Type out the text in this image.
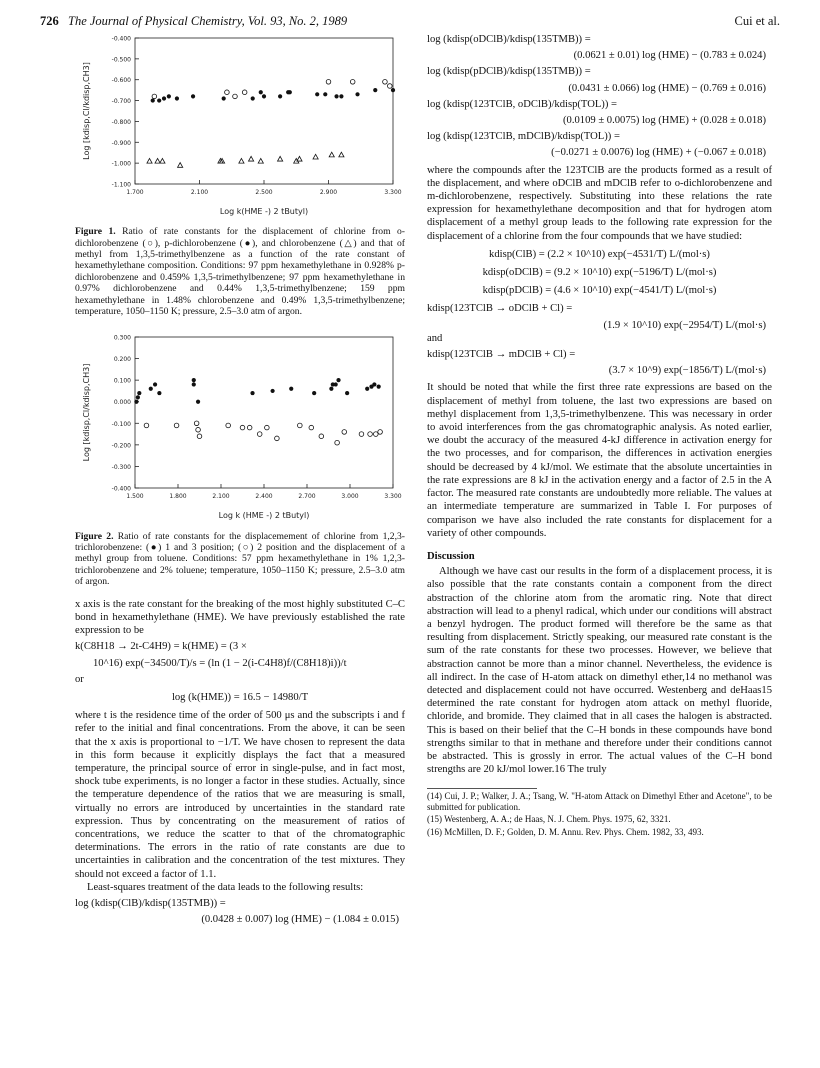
726 The Journal of Physical Chemistry, Vol. 93, No. 2, 1989	Cui et al.
-0.400
-0.500
-0.600
-0.700
-0.800
-0.900
-1.000
-1.100
1.700	2.100	2.500	2.900	3.300
Log k(HME -) 2 tButyl)
Log [kdisp,Cl/kdisp,CH3]
Figure 1. Ratio of rate constants for the displacement of chlorine from o-dichlorobenzene (○), p-dichlorobenzene (●), and chlorobenzene (△) and that of methyl from 1,3,5-trimethylbenzene as a function of the rate constant of hexamethylethane composition. Conditions: 97 ppm hexamethylethane in 0.928% p-dichlorobenzene and 0.459% 1,3,5-trimethylbenzene; 97 ppm hexamethylethane in 0.97% dichlorobenzene and 0.44% 1,3,5-trimethylbenzene; 159 ppm hexamethylethane in 1.48% chlorobenzene and 0.49% 1,3,5-trimethylbenzene; temperature, 1050–1150 K; pressure, 2.5–3.0 atm of argon.
0.300
0.200
0.100
0.000
-0.100
-0.200
-0.300
-0.400
1.500	1.800	2.100	2.400	2.700	3.000	3.300
Log k (HME -) 2 tButyl)
Log [kdisp,Cl/kdisp,CH3]
Figure 2. Ratio of rate constants for the displacemement of chlorine from 1,2,3-trichlorobenzene: (●) 1 and 3 position; (○) 2 position and the displacement of a methyl group from toluene. Conditions: 57 ppm hexamethylethane in 1% 1,2,3-trichlorobenzene and 2% toluene; temperature, 1050–1150 K; pressure, 2.5–3.0 atm of argon.

x axis is the rate constant for the breaking of the most highly substituted C–C bond in hexamethylethane (HME). We have previously established the rate expression to be

k(C8H18 → 2t-C4H9) = k(HME) = (3 ×

10^16) exp(−34500/T)/s = (ln (1 − 2(i-C4H8)f/(C8H18)i))/t

or

log (k(HME)) = 16.5 − 14980/T

where t is the residence time of the order of 500 μs and the subscripts i and f refer to the initial and final concentrations. From the above, it can be seen that the x axis is proportional to −1/T. We have chosen to represent the data in this form because it explicitly displays the fact that a measured temperature, the principal source of error in single-pulse, and in fact most, shock tube experiments, is no longer a factor in these studies. Actually, since the temperature dependence of the ratios that we are measuring is small, virtually no errors are introduced by uncertainties in the standard rate expression. Thus by concentrating on the measurement of ratios of concentrations, we reduce the scatter to that of the chromatographic determinations. The errors in the ratio of rate constants are due to uncertainties in calibration and the concentration of the test mixtures. They should not exceed a factor of 1.1.

Least-squares treatment of the data leads to the following results:

log (kdisp(ClB)/kdisp(135TMB)) =

(0.0428 ± 0.007) log (HME) − (1.084 ± 0.015)

log (kdisp(oDClB)/kdisp(135TMB)) =

(0.0621 ± 0.01) log (HME) − (0.783 ± 0.024)

log (kdisp(pDClB)/kdisp(135TMB)) =

(0.0431 ± 0.066) log (HME) − (0.769 ± 0.016)

log (kdisp(123TClB, oDClB)/kdisp(TOL)) =

(0.0109 ± 0.0075) log (HME) + (0.028 ± 0.018)

log (kdisp(123TClB, mDClB)/kdisp(TOL)) =

(−0.0271 ± 0.0076) log (HME) + (−0.067 ± 0.018)

where the compounds after the 123TClB are the products formed as a result of the displacement, and where oDClB and mDClB refer to o-dichlorobenzene and m-dichlorobenzene, respectively. Substituting into these relations the rate expression for hexamethylethane decomposition and that for hydrogen atom displacement of a methyl group leads to the following rate expression for the displacement of a chlorine from the four compounds that we have studied:

kdisp(ClB) = (2.2 × 10^10) exp(−4531/T) L/(mol·s)

kdisp(oDClB) = (9.2 × 10^10) exp(−5196/T) L/(mol·s)

kdisp(pDClB) = (4.6 × 10^10) exp(−4541/T) L/(mol·s)

kdisp(123TClB → oDClB + Cl) =

(1.9 × 10^10) exp(−2954/T) L/(mol·s)

and

kdisp(123TClB → mDClB + Cl) =

(3.7 × 10^9) exp(−1856/T) L/(mol·s)

It should be noted that while the first three rate expressions are based on the displacement of methyl from toluene, the last two expressions are based on methyl displacement from 1,3,5-trimethylbenzene. This was necessary in order to avoid interferences from the gas chromatographic analysis. As noted earlier, we doubt the accuracy of the measured 4-kJ difference in activation energy for the two processes, and for comparison, the differences in activation energies should be decreased by 4 kJ/mol. We estimate that the absolute uncertainties in the rate expressions are 8 kJ in the activation energy and a factor of 2.5 in the A factor. The measured rate constants are undoubtedly more reliable. The values at an intermediate temperature are summarized in Table I. For purposes of comparison we have also included the rate constants for displacement for a variety of other compounds.

Discussion

Although we have cast our results in the form of a displacement process, it is also possible that the rate constants contain a component from the direct abstraction of the chlorine atom from the aromatic ring. Note that direct abstraction will lead to a phenyl radical, which under our conditions will abstract a benzyl hydrogen. The product formed will therefore be the same as that resulting from displacement. Strictly speaking, our measured rate constant is the sum of the rate constants for these two processes. However, we believe that abstraction cannot be more than a minor channel. Nevertheless, the evidence is all indirect. In the case of H-atom attack on dimethyl ether,14 no methanol was detected and displacement could not have occurred. Westenberg and deHaas15 determined the rate constant for hydrogen atom attack on methyl fluoride, chloride, and bromide. They claimed that in all cases the halogen is abstracted. This is based on their belief that the C–H bonds in these compounds have bond strengths similar to that in methane and therefore under their conditions cannot be abstracted. This is grossly in error. The actual values of the C–H bond strengths are 20 kJ/mol lower.16 The truly

(14) Cui, J. P.; Walker, J. A.; Tsang, W. "H-atom Attack on Dimethyl Ether and Acetone", to be submitted for publication.

(15) Westenberg, A. A.; de Haas, N. J. Chem. Phys. 1975, 62, 3321.

(16) McMillen, D. F.; Golden, D. M. Annu. Rev. Phys. Chem. 1982, 33, 493.
